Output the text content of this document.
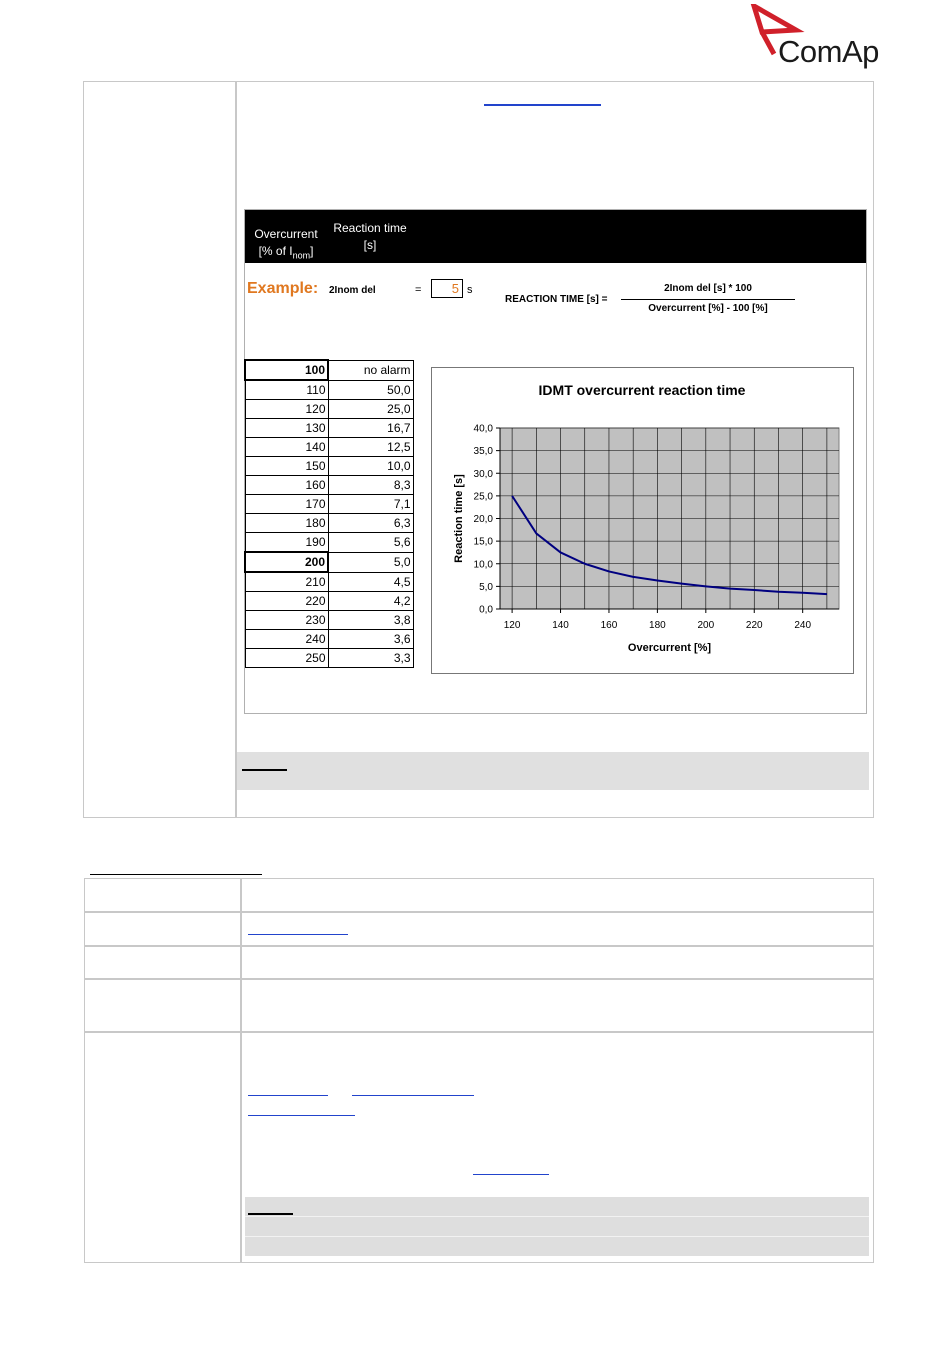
ComAp
Overcurrent
[% of $I_{nom}$]
Reaction time
[s]
Example: 2Inom del	=	5 s
REACTION TIME [s] =
2Inom del [s] * 100
Overcurrent [%] - 100 [%]
100	no alarm
110	50,0
120	25,0
130	16,7
140	12,5
150	10,0
160	8,3
170	7,1
180	6,3
190	5,6
200	5,0
210	4,5
220	4,2
230	3,8
240	3,6
250	3,3
0,0
5,0
10,0
15,0
20,0
25,0
30,0
35,0
40,0
120	140	160	180	200	220	240
IDMT overcurrent reaction time
Overcurrent [%]
Reaction time [s]
